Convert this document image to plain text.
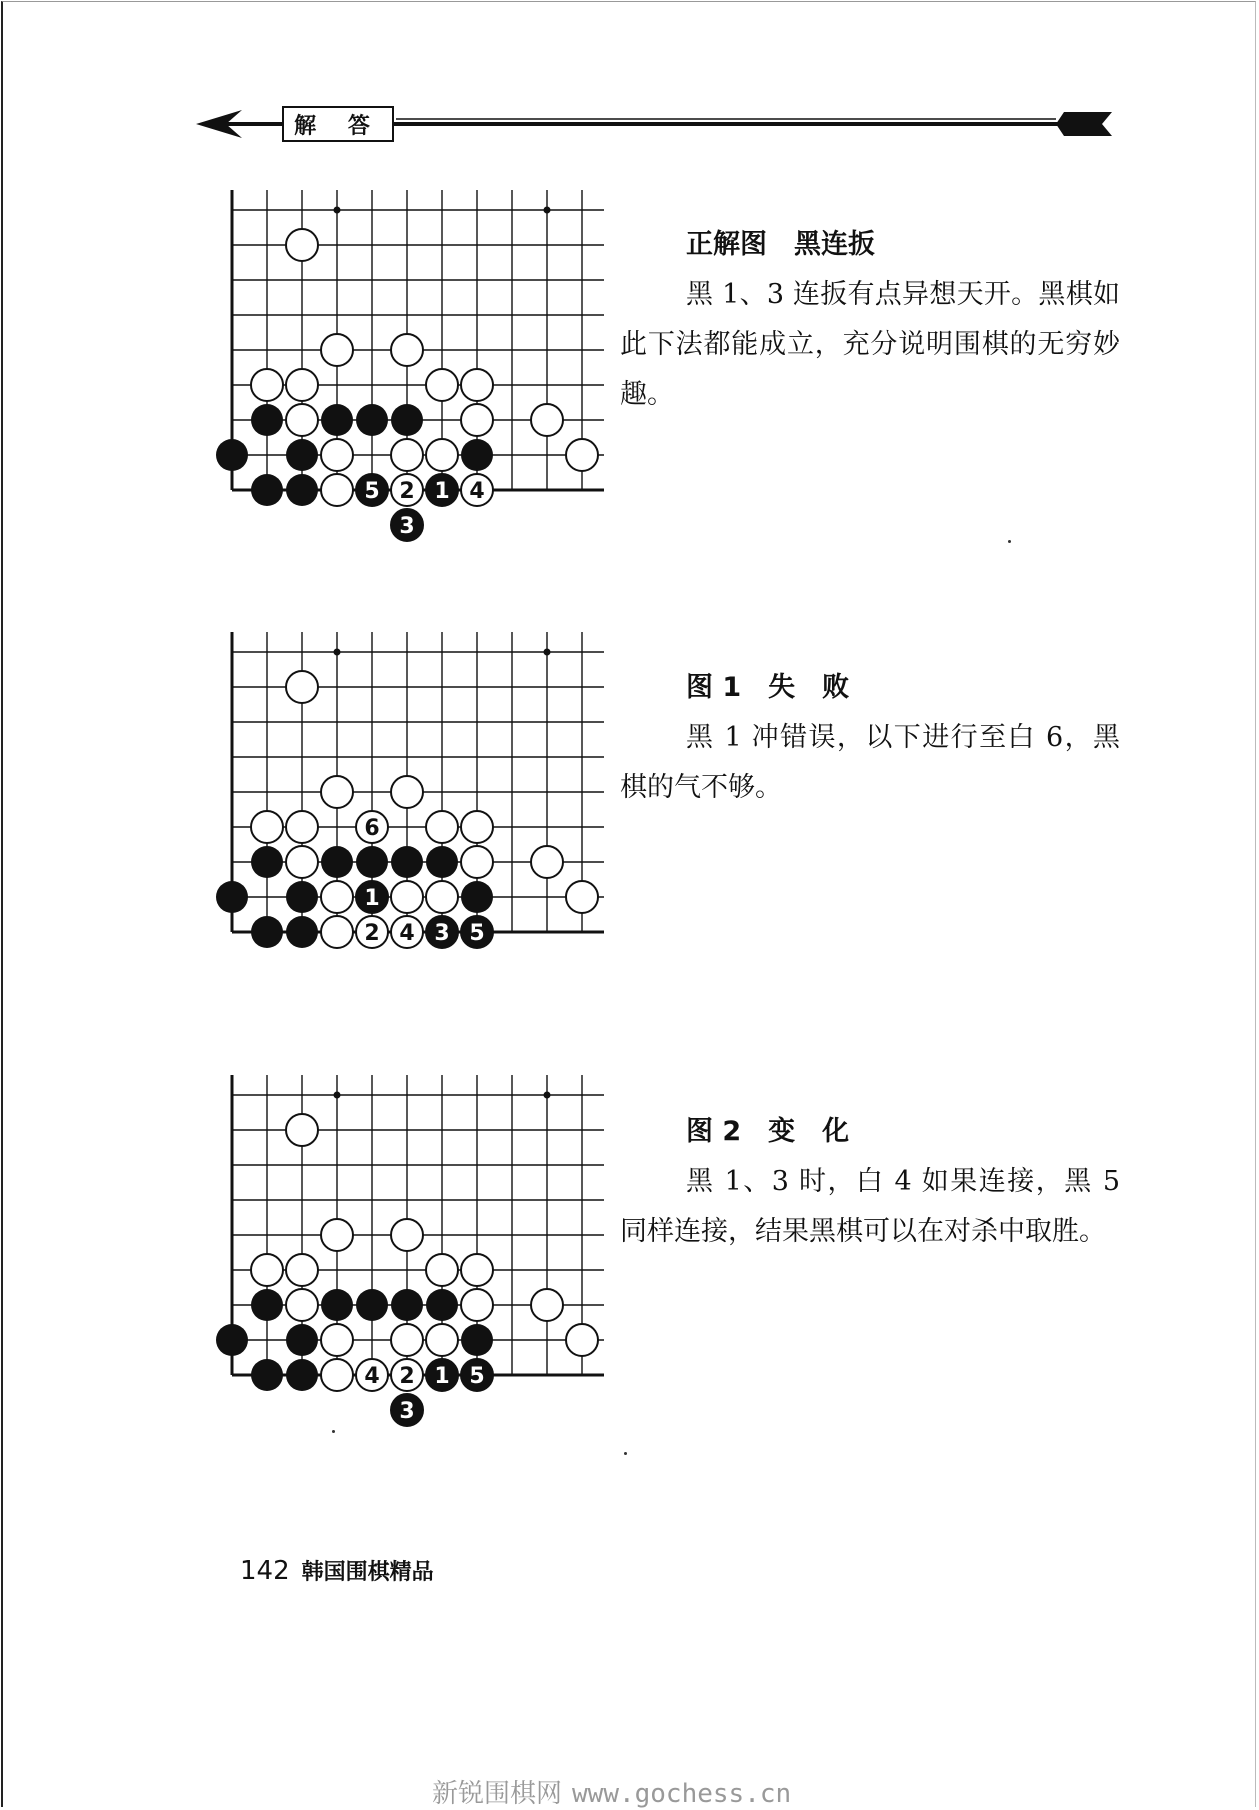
解 答
5 2 1 4
3
正解图　黑连扳
黑 1、3 连扳有点异想天开。黑棋如此下法都能成立，充分说明围棋的无穷妙趣。
6
1
2 4 3 5
图 1　失　败
黑 1 冲错误，以下进行至白 6，黑棋的气不够。
4 2 1 5
3
图 2　变　化
黑 1、3 时，白 4 如果连接，黑 5 同样连接，结果黑棋可以在对杀中取胜。
142 韩国围棋精品
新锐围棋网 www.gochess.cn
